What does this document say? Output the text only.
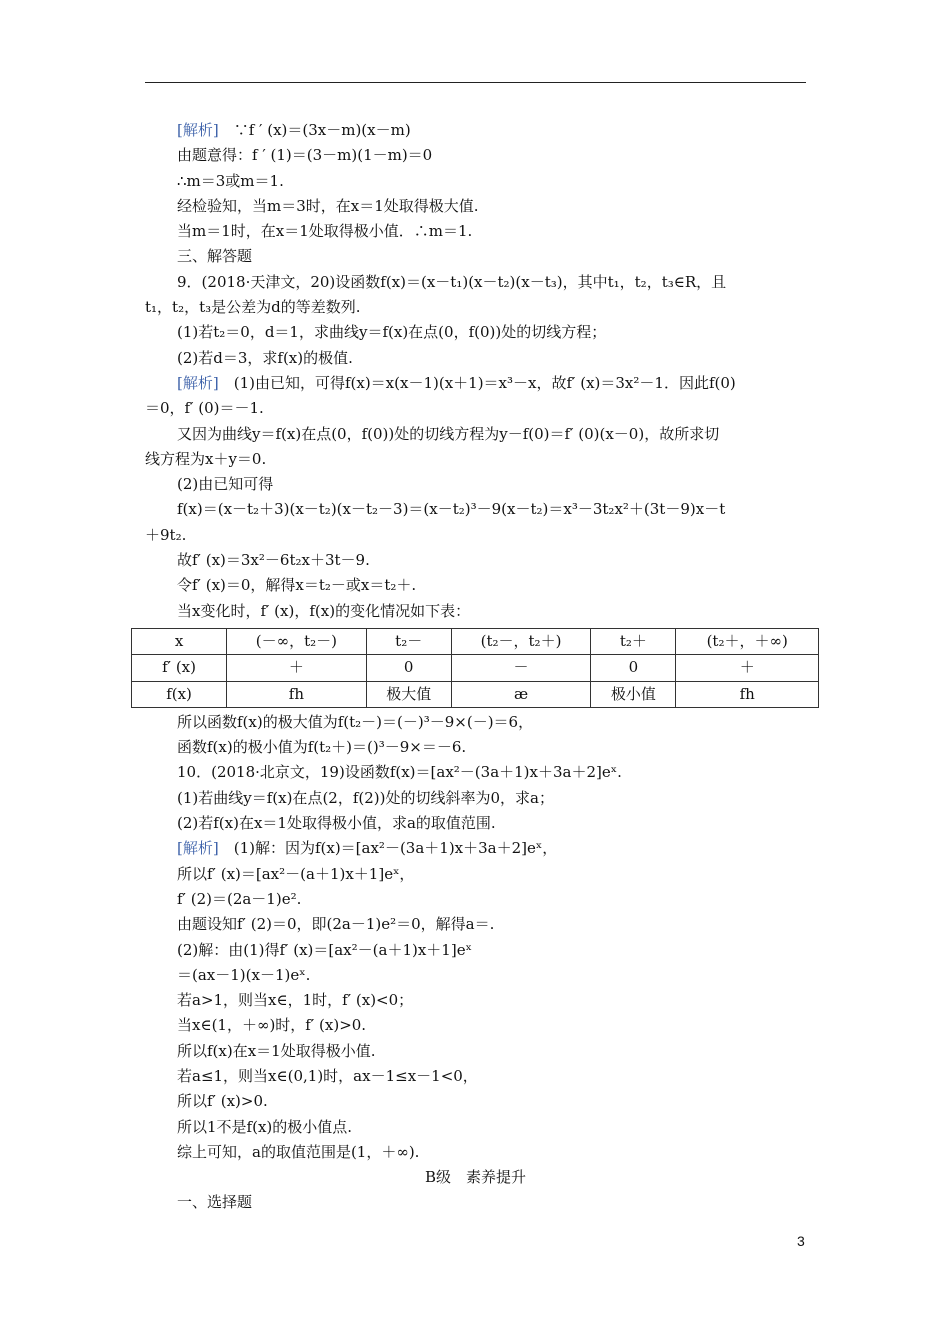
[解析]　∵f ′ (x)＝(3x－m)(x－m)
由题意得：f ′ (1)＝(3－m)(1－m)＝0
∴m＝3或m＝1.
经检验知，当m＝3时，在x＝1处取得极大值.
当m＝1时，在x＝1处取得极小值．∴m＝1.
三、解答题
9．(2018·天津文，20)设函数f(x)＝(x－t₁)(x－t₂)(x－t₃)，其中t₁，t₂，t₃∈R，且
t₁，t₂，t₃是公差为d的等差数列.
(1)若t₂＝0，d＝1，求曲线y＝f(x)在点(0，f(0))处的切线方程；
(2)若d＝3，求f(x)的极值.
[解析]　(1)由已知，可得f(x)＝x(x－1)(x＋1)＝x³－x，故f′ (x)＝3x²－1．因此f(0)
＝0，f′ (0)＝－1.
又因为曲线y＝f(x)在点(0，f(0))处的切线方程为y－f(0)＝f′ (0)(x－0)，故所求切
线方程为x＋y＝0.
(2)由已知可得
f(x)＝(x－t₂＋3)(x－t₂)(x－t₂－3)＝(x－t₂)³－9(x－t₂)＝x³－3t₂x²＋(3t－9)x－t
＋9t₂.
故f′ (x)＝3x²－6t₂x＋3t－9.
令f′ (x)＝0，解得x＝t₂－或x＝t₂＋.
当x变化时，f′ (x)，f(x)的变化情况如下表：
x	(－∞，t₂－)	t₂－	(t₂－，t₂＋)	t₂＋	(t₂＋，＋∞)
f′ (x)	＋	0	－	0	＋
f(x)	fh	极大值	æ	极小值	fh
所以函数f(x)的极大值为f(t₂－)＝(－)³－9×(－)＝6，
函数f(x)的极小值为f(t₂＋)＝()³－9×＝－6.
10．(2018·北京文，19)设函数f(x)＝[ax²－(3a＋1)x＋3a＋2]eˣ.
(1)若曲线y＝f(x)在点(2，f(2))处的切线斜率为0，求a；
(2)若f(x)在x＝1处取得极小值，求a的取值范围.
[解析]　(1)解：因为f(x)＝[ax²－(3a＋1)x＋3a＋2]eˣ，
所以f′ (x)＝[ax²－(a＋1)x＋1]eˣ，
f′ (2)＝(2a－1)e².
由题设知f′ (2)＝0，即(2a－1)e²＝0，解得a＝.
(2)解：由(1)得f′ (x)＝[ax²－(a＋1)x＋1]eˣ
＝(ax－1)(x－1)eˣ.
若a>1，则当x∈，1时，f′ (x)<0；
当x∈(1，＋∞)时，f′ (x)>0.
所以f(x)在x＝1处取得极小值.
若a≤1，则当x∈(0,1)时，ax－1≤x－1<0，
所以f′ (x)>0.
所以1不是f(x)的极小值点.
综上可知，a的取值范围是(1，＋∞).
B级　素养提升
一、选择题
3
